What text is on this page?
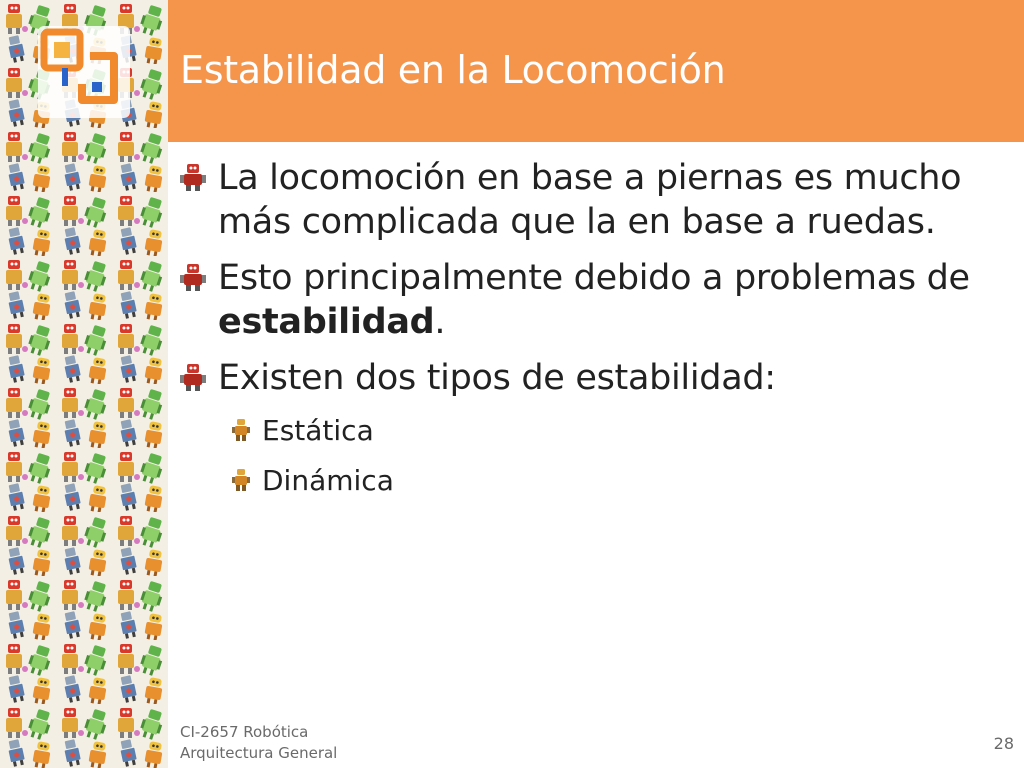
Estabilidad en la Locomoción
La locomoción en base a piernas es mucho más complicada que la en base a ruedas.
Esto principalmente debido a problemas de estabilidad.
Existen dos tipos de estabilidad:
Estática
Dinámica
CI-2657 Robótica
Arquitectura General	28
